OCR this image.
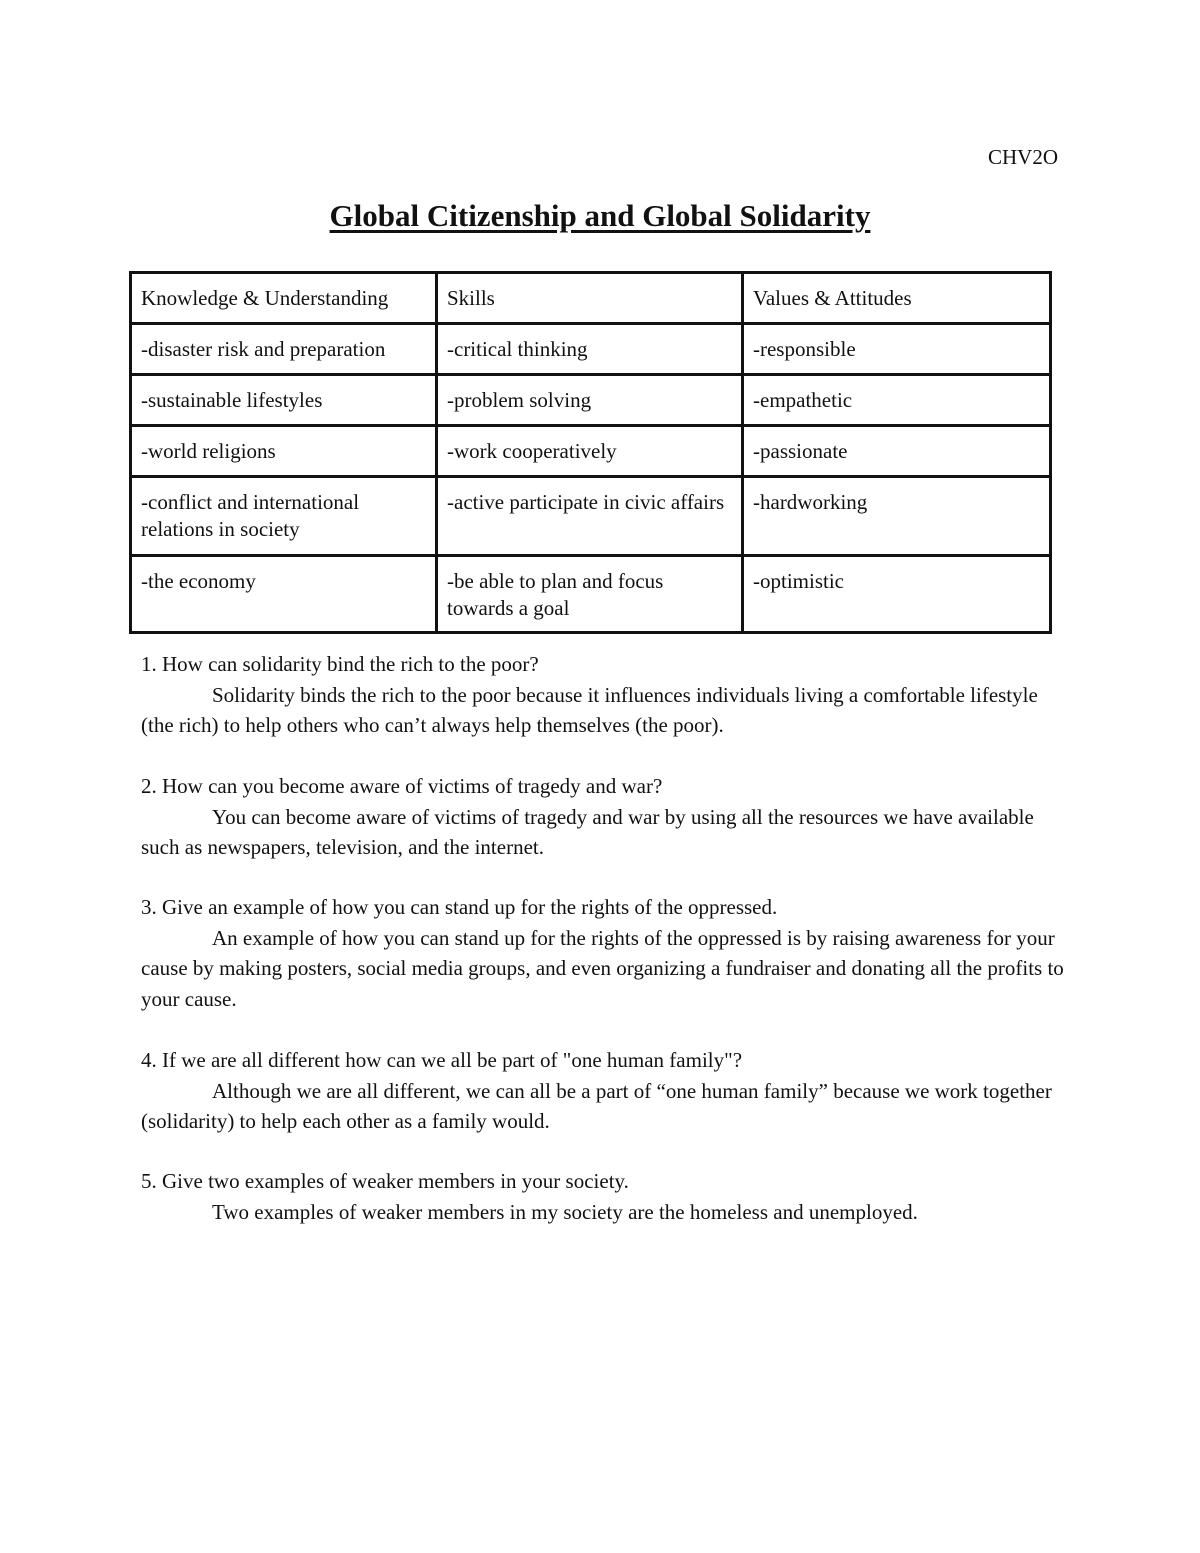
CHV2O
Global Citizenship and Global Solidarity
Knowledge & Understanding	Skills	Values & Attitudes
-disaster risk and preparation	-critical thinking	-responsible
-sustainable lifestyles	-problem solving	-empathetic
-world religions	-work cooperatively	-passionate
-conflict and international relations in society	-active participate in civic affairs	-hardworking
-the economy	-be able to plan and focus towards a goal	-optimistic

1. How can solidarity bind the rich to the poor?

Solidarity binds the rich to the poor because it influences individuals living a comfortable lifestyle (the rich) to help others who can’t always help themselves (the poor).

2. How can you become aware of victims of tragedy and war?

You can become aware of victims of tragedy and war by using all the resources we have available such as newspapers, television, and the internet.

3. Give an example of how you can stand up for the rights of the oppressed.

An example of how you can stand up for the rights of the oppressed is by raising awareness for your cause by making posters, social media groups, and even organizing a fundraiser and donating all the profits to your cause.

4. If we are all different how can we all be part of "one human family"?

Although we are all different, we can all be a part of “one human family” because we work together (solidarity) to help each other as a family would.

5. Give two examples of weaker members in your society.

Two examples of weaker members in my society are the homeless and unemployed.
